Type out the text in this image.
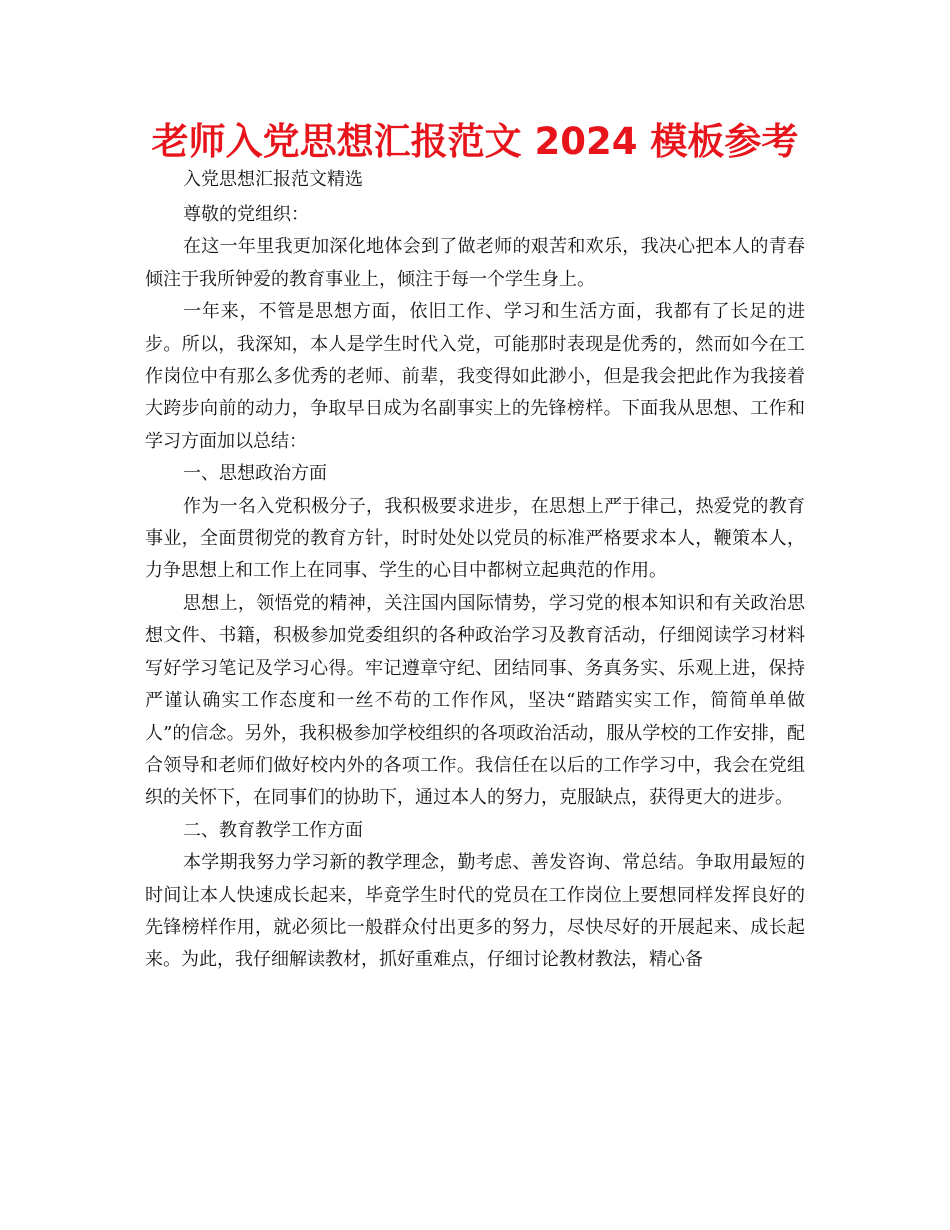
老师入党思想汇报范文 2024 模板参考

入党思想汇报范文精选

尊敬的党组织：

在这一年里我更加深化地体会到了做老师的艰苦和欢乐，我决心把本人的青春倾注于我所钟爱的教育事业上，倾注于每一个学生身上。

一年来，不管是思想方面，依旧工作、学习和生活方面，我都有了长足的进步。所以，我深知，本人是学生时代入党，可能那时表现是优秀的，然而如今在工作岗位中有那么多优秀的老师、前辈，我变得如此渺小，但是我会把此作为我接着大跨步向前的动力，争取早日成为名副事实上的先锋榜样。下面我从思想、工作和学习方面加以总结：

一、思想政治方面

作为一名入党积极分子，我积极要求进步，在思想上严于律己，热爱党的教育事业，全面贯彻党的教育方针，时时处处以党员的标准严格要求本人，鞭策本人，力争思想上和工作上在同事、学生的心目中都树立起典范的作用。

思想上，领悟党的精神，关注国内国际情势，学习党的根本知识和有关政治思想文件、书籍，积极参加党委组织的各种政治学习及教育活动，仔细阅读学习材料写好学习笔记及学习心得。牢记遵章守纪、团结同事、务真务实、乐观上进，保持严谨认确实工作态度和一丝不苟的工作作风，坚决“踏踏实实工作，简简单单做人”的信念。另外，我积极参加学校组织的各项政治活动，服从学校的工作安排，配合领导和老师们做好校内外的各项工作。我信任在以后的工作学习中，我会在党组织的关怀下，在同事们的协助下，通过本人的努力，克服缺点，获得更大的进步。

二、教育教学工作方面

本学期我努力学习新的教学理念，勤考虑、善发咨询、常总结。争取用最短的时间让本人快速成长起来，毕竟学生时代的党员在工作岗位上要想同样发挥良好的先锋榜样作用，就必须比一般群众付出更多的努力，尽快尽好的开展起来、成长起来。为此，我仔细解读教材，抓好重难点，仔细讨论教材教法，精心备
